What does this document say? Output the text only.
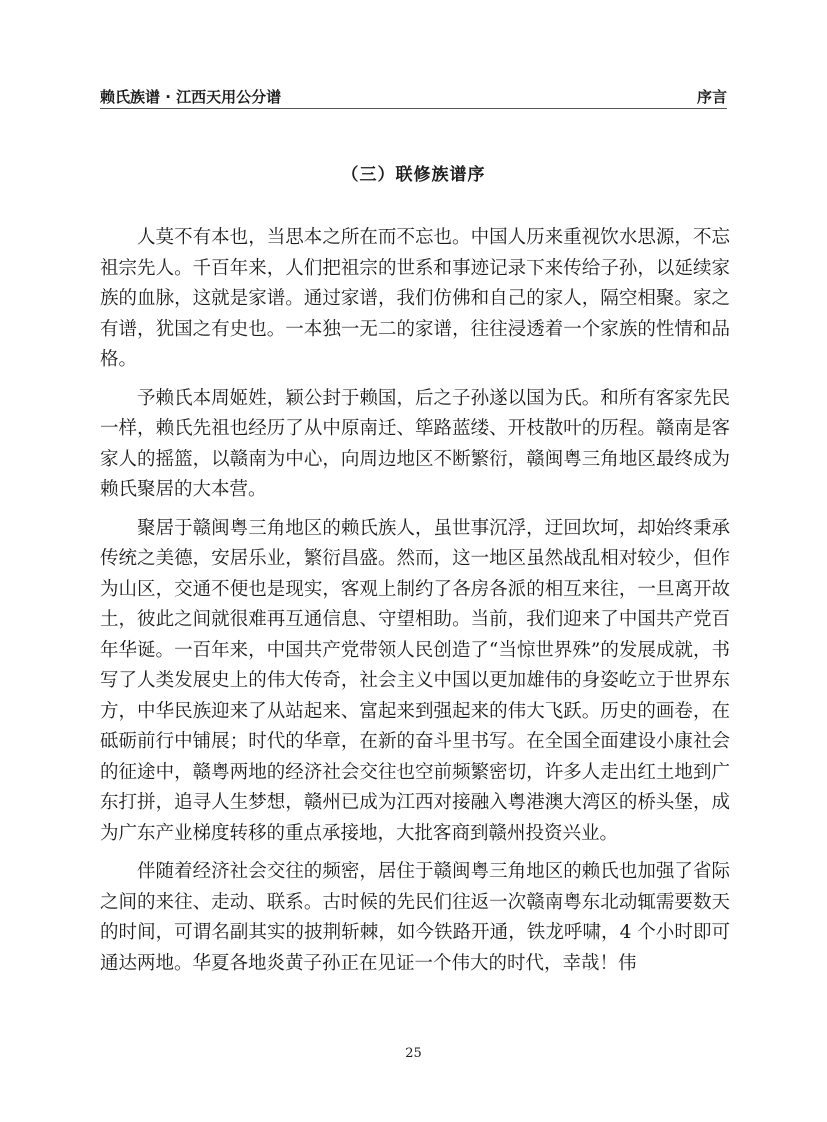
赖氏族谱 · 江西天用公分谱	序言
（三）联修族谱序

人莫不有本也，当思本之所在而不忘也。中国人历来重视饮水思源，不忘祖宗先人。千百年来，人们把祖宗的世系和事迹记录下来传给子孙，以延续家族的血脉，这就是家谱。通过家谱，我们仿佛和自己的家人，隔空相聚。家之有谱，犹国之有史也。一本独一无二的家谱，往往浸透着一个家族的性情和品格。

予赖氏本周姬姓，颖公封于赖国，后之子孙遂以国为氏。和所有客家先民一样，赖氏先祖也经历了从中原南迁、筚路蓝缕、开枝散叶的历程。赣南是客家人的摇篮，以赣南为中心，向周边地区不断繁衍，赣闽粤三角地区最终成为赖氏聚居的大本营。

聚居于赣闽粤三角地区的赖氏族人，虽世事沉浮，迂回坎坷，却始终秉承传统之美德，安居乐业，繁衍昌盛。然而，这一地区虽然战乱相对较少，但作为山区，交通不便也是现实，客观上制约了各房各派的相互来往，一旦离开故土，彼此之间就很难再互通信息、守望相助。当前，我们迎来了中国共产党百年华诞。一百年来，中国共产党带领人民创造了“当惊世界殊”的发展成就，书写了人类发展史上的伟大传奇，社会主义中国以更加雄伟的身姿屹立于世界东方，中华民族迎来了从站起来、富起来到强起来的伟大飞跃。历史的画卷，在砥砺前行中铺展；时代的华章，在新的奋斗里书写。在全国全面建设小康社会的征途中，赣粤两地的经济社会交往也空前频繁密切，许多人走出红土地到广东打拼，追寻人生梦想，赣州已成为江西对接融入粤港澳大湾区的桥头堡，成为广东产业梯度转移的重点承接地，大批客商到赣州投资兴业。

伴随着经济社会交往的频密，居住于赣闽粤三角地区的赖氏也加强了省际之间的来往、走动、联系。古时候的先民们往返一次赣南粤东北动辄需要数天的时间，可谓名副其实的披荆斩棘，如今铁路开通，铁龙呼啸，4 个小时即可通达两地。华夏各地炎黄子孙正在见证一个伟大的时代，幸哉！伟

25
